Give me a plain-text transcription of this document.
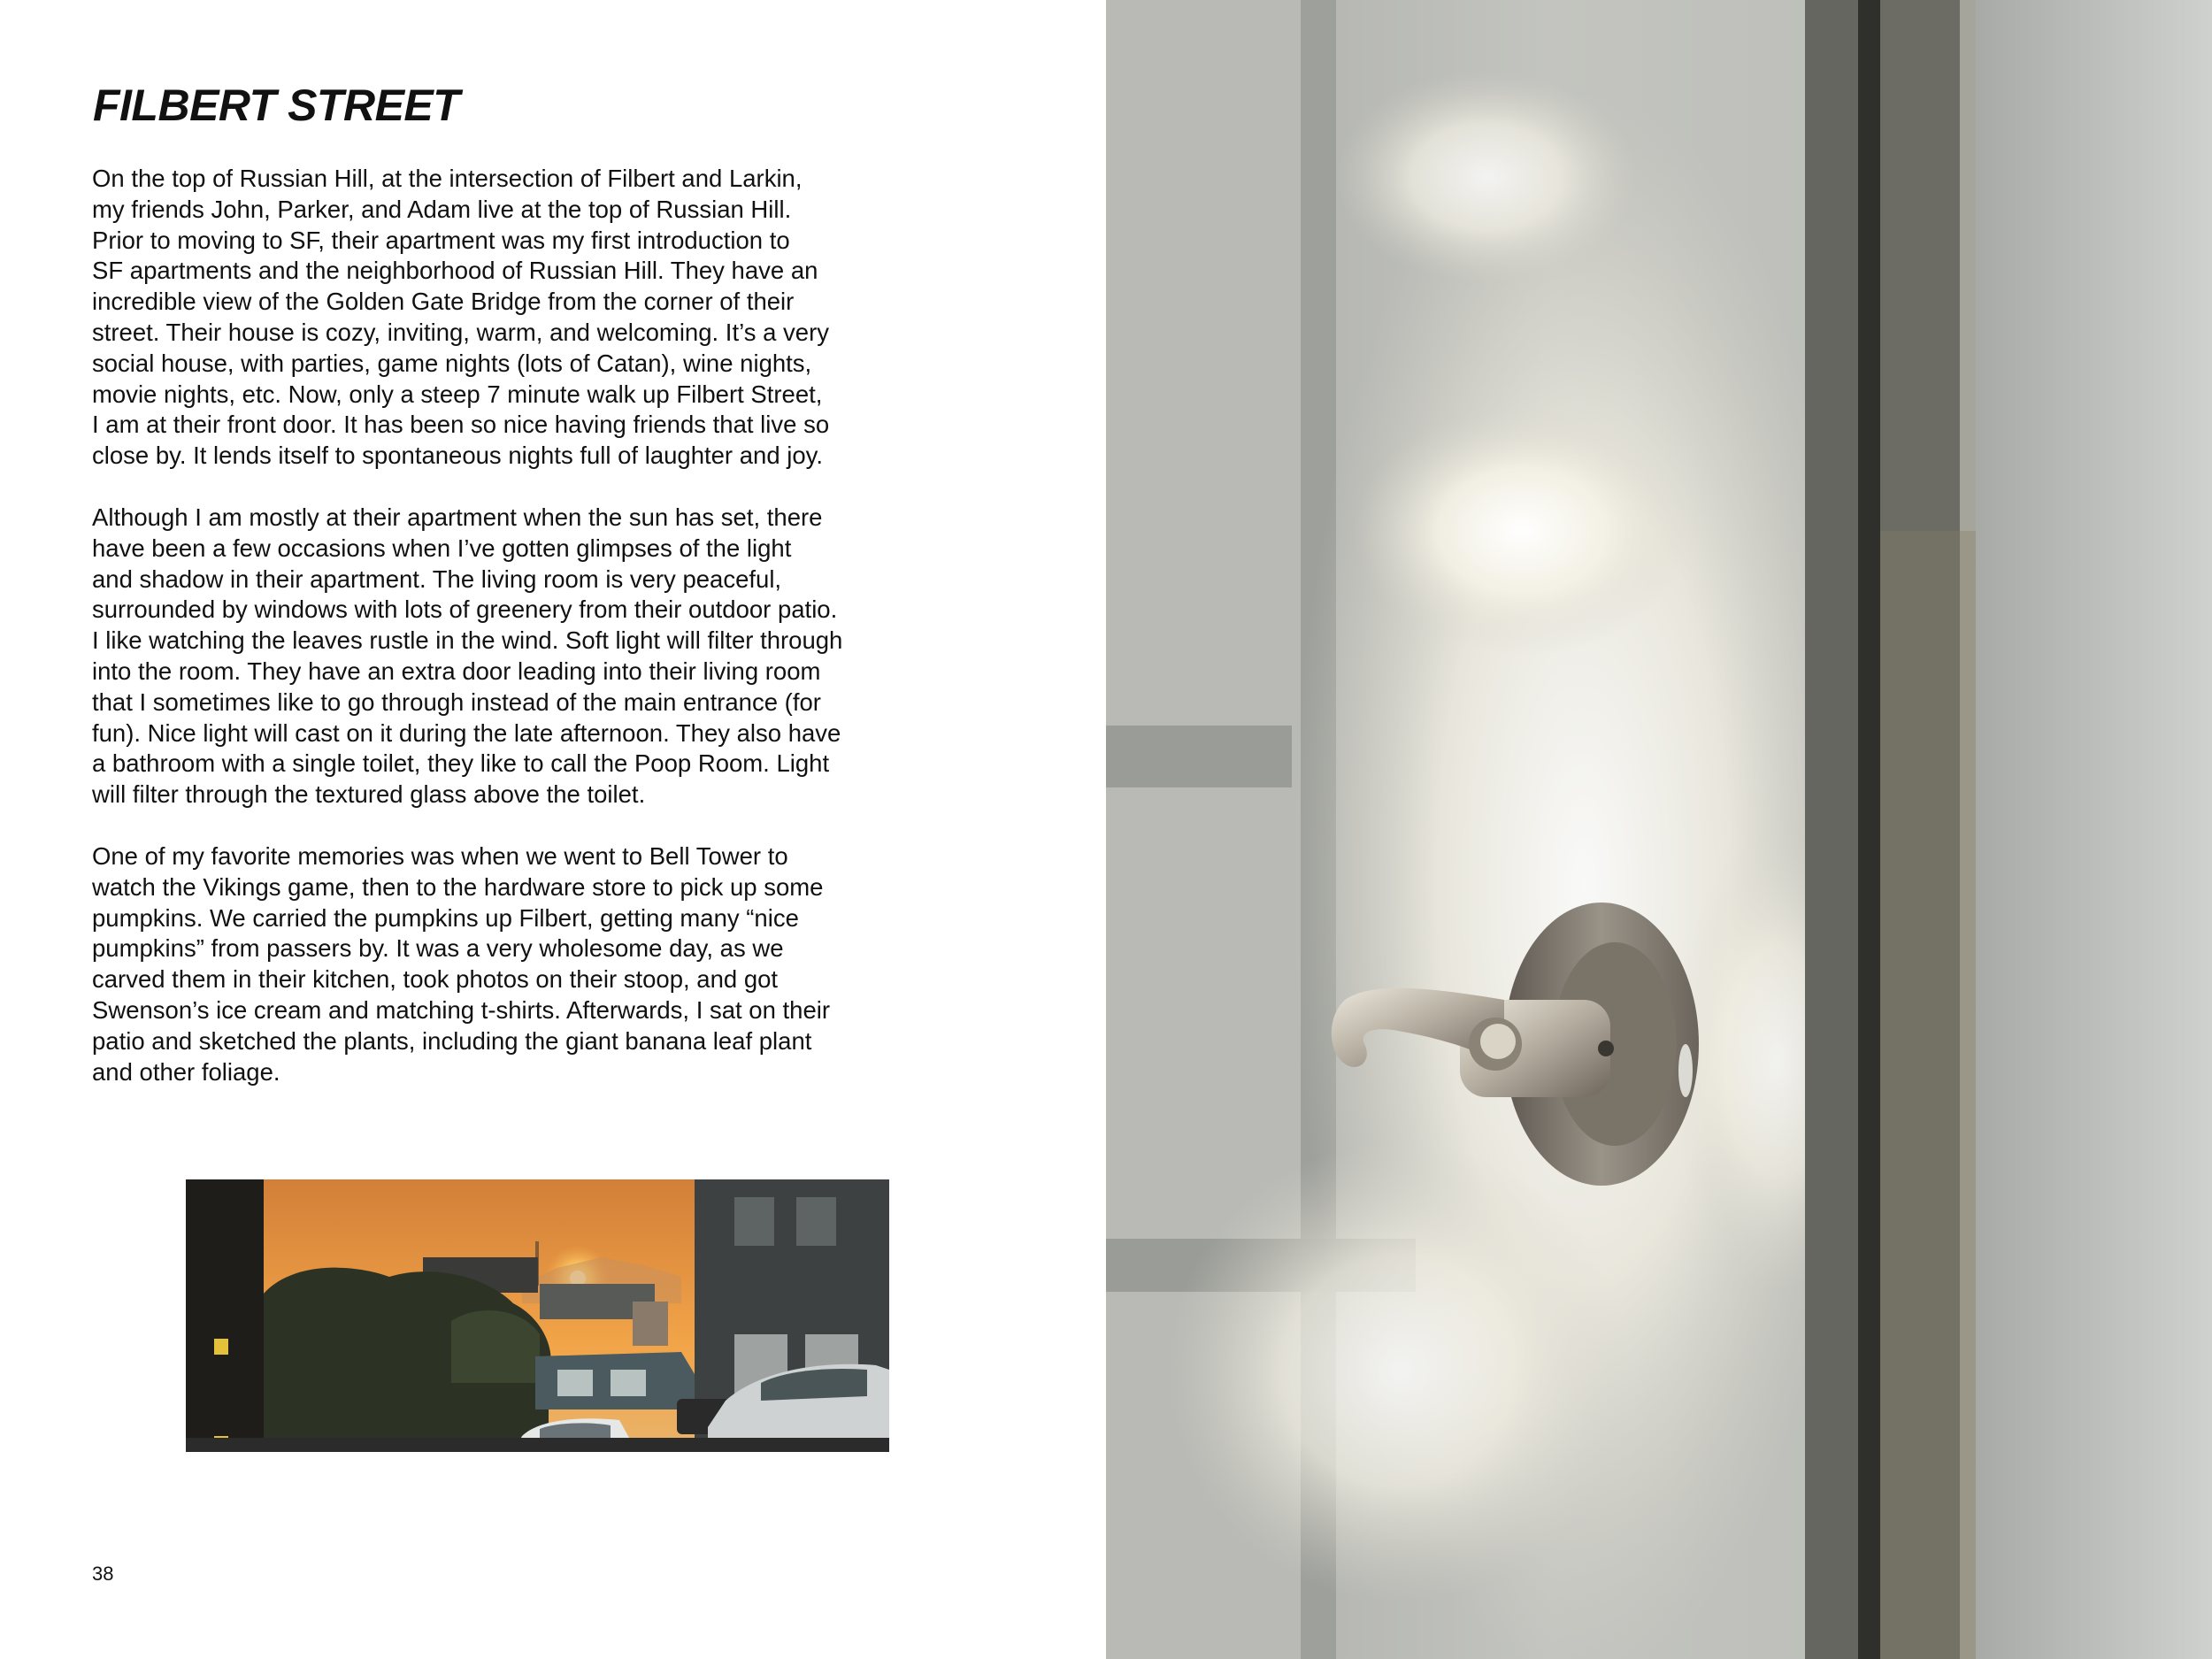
FILBERT STREET

On the top of Russian Hill, at the intersection of Filbert and Larkin,
my friends John, Parker, and Adam live at the top of Russian Hill.
Prior to moving to SF, their apartment was my first introduction to
SF apartments and the neighborhood of Russian Hill. They have an
incredible view of the Golden Gate Bridge from the corner of their
street. Their house is cozy, inviting, warm, and welcoming. It’s a very
social house, with parties, game nights (lots of Catan), wine nights,
movie nights, etc. Now, only a steep 7 minute walk up Filbert Street,
I am at their front door. It has been so nice having friends that live so
close by. It lends itself to spontaneous nights full of laughter and joy.

Although I am mostly at their apartment when the sun has set, there
have been a few occasions when I’ve gotten glimpses of the light
and shadow in their apartment. The living room is very peaceful,
surrounded by windows with lots of greenery from their outdoor patio.
I like watching the leaves rustle in the wind. Soft light will filter through
into the room. They have an extra door leading into their living room
that I sometimes like to go through instead of the main entrance (for
fun). Nice light will cast on it during the late afternoon. They also have
a bathroom with a single toilet, they like to call the Poop Room. Light
will filter through the textured glass above the toilet.

One of my favorite memories was when we went to Bell Tower to
watch the Vikings game, then to the hardware store to pick up some
pumpkins. We carried the pumpkins up Filbert, getting many “nice
pumpkins” from passers by. It was a very wholesome day, as we
carved them in their kitchen, took photos on their stoop, and got
Swenson’s ice cream and matching t-shirts. Afterwards, I sat on their
patio and sketched the plants, including the giant banana leaf plant
and other foliage.

38
